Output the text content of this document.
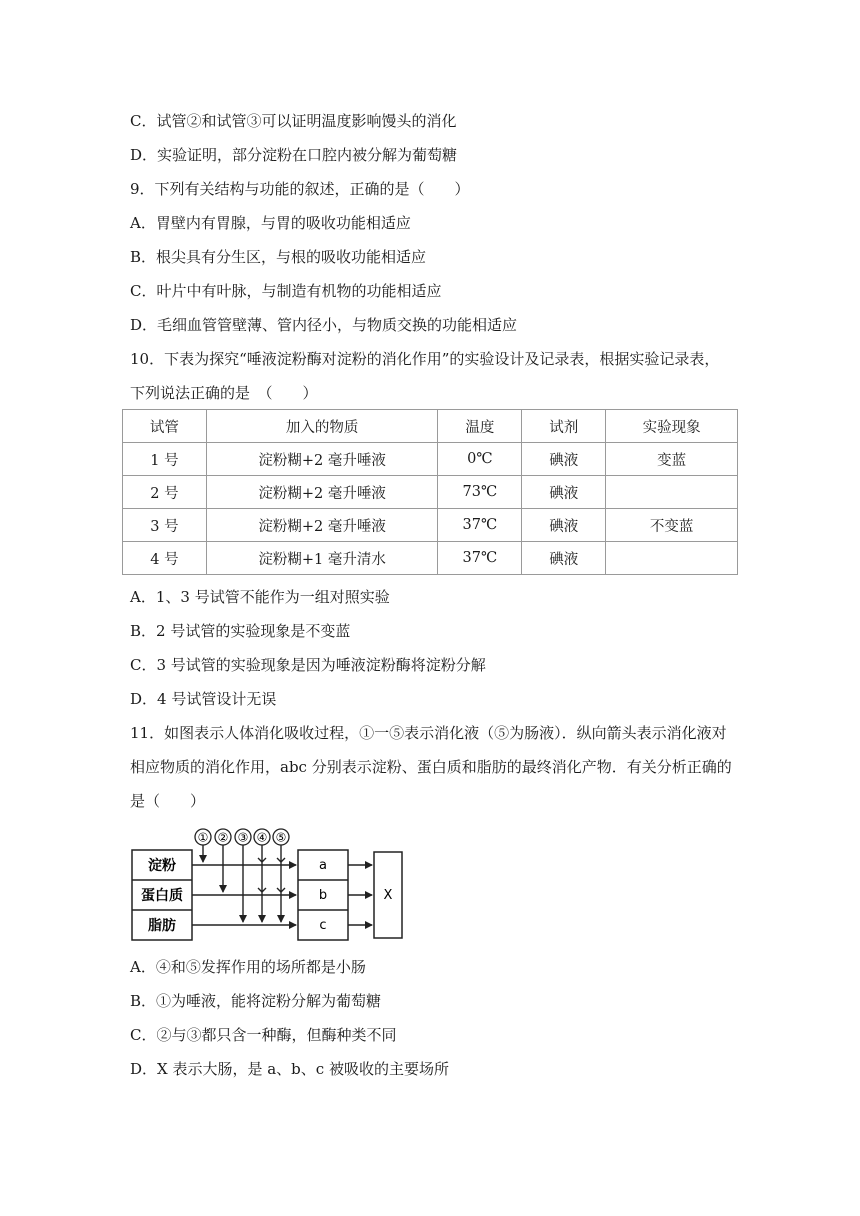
C．试管②和试管③可以证明温度影响馒头的消化
D．实验证明，部分淀粉在口腔内被分解为葡萄糖
9．下列有关结构与功能的叙述，正确的是（　　）
A．胃壁内有胃腺，与胃的吸收功能相适应
B．根尖具有分生区，与根的吸收功能相适应
C．叶片中有叶脉，与制造有机物的功能相适应
D．毛细血管管壁薄、管内径小，与物质交换的功能相适应
10．下表为探究“唾液淀粉酶对淀粉的消化作用”的实验设计及记录表，根据实验记录表，
下列说法正确的是　（　　）
试管	加入的物质	温度	试剂	实验现象
1 号	淀粉糊+2 毫升唾液	0℃	碘液	变蓝
2 号	淀粉糊+2 毫升唾液	73℃	碘液	
3 号	淀粉糊+2 毫升唾液	37℃	碘液	不变蓝
4 号	淀粉糊+1 毫升清水	37℃	碘液	
A．1、3 号试管不能作为一组对照实验
B．2 号试管的实验现象是不变蓝
C．3 号试管的实验现象是因为唾液淀粉酶将淀粉分解
D．4 号试管设计无误
11．如图表示人体消化吸收过程，①一⑤表示消化液（⑤为肠液）．纵向箭头表示消化液对
相应物质的消化作用，abc 分别表示淀粉、蛋白质和脂肪的最终消化产物．有关分析正确的
是（　　）
① ② ③ ④ ⑤
淀粉
蛋白质
脂肪
a
b
c
X
A．④和⑤发挥作用的场所都是小肠
B．①为唾液，能将淀粉分解为葡萄糖
C．②与③都只含一种酶，但酶种类不同
D．X 表示大肠，是 a、b、c 被吸收的主要场所
